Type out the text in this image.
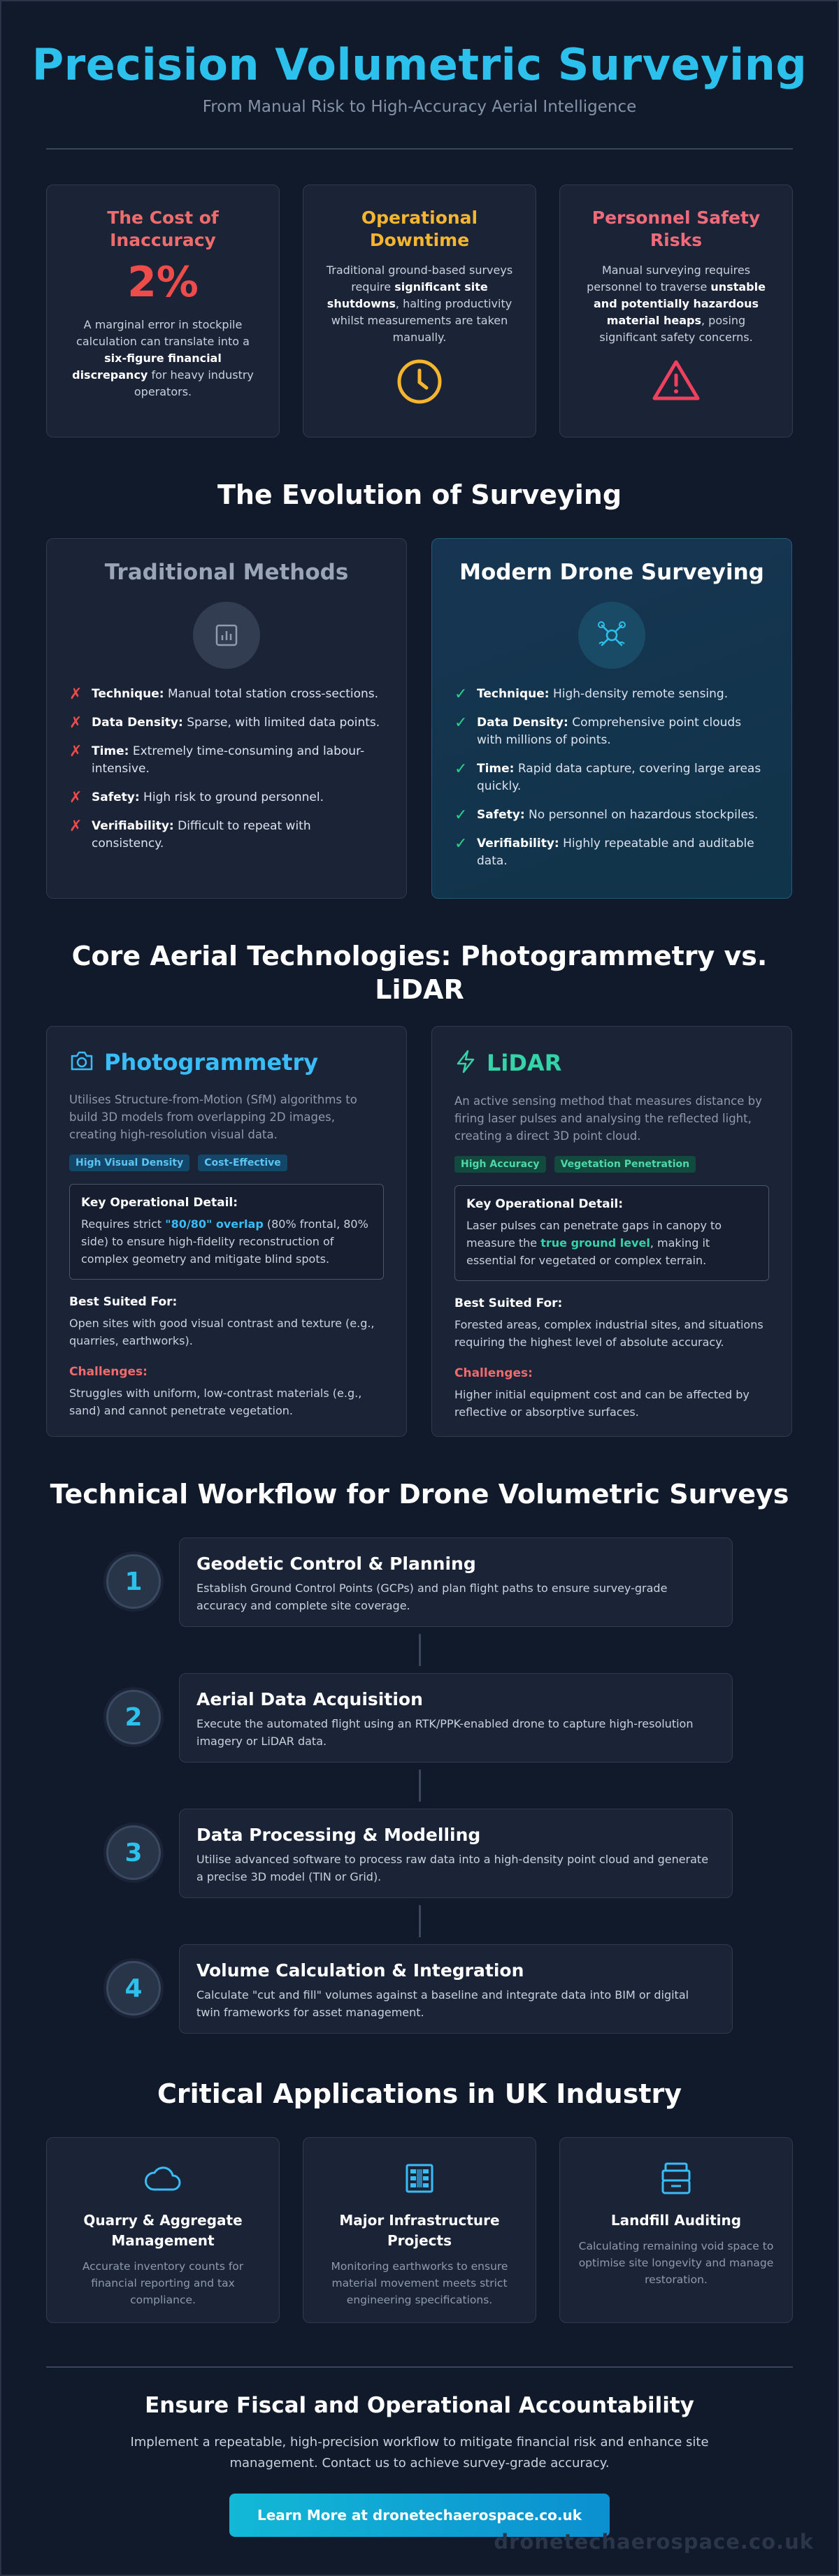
Precision Volumetric Surveying
From Manual Risk to High-Accuracy Aerial Intelligence
The Cost of Inaccuracy
2%

A marginal error in stockpile calculation can translate into a six-figure financial discrepancy for heavy industry operators.

Operational Downtime

Traditional ground-based surveys require significant site shutdowns, halting productivity whilst measurements are taken manually.

Personnel Safety Risks

Manual surveying requires personnel to traverse unstable and potentially hazardous material heaps, posing significant safety concerns.

The Evolution of Surveying
Traditional Methods
✗ Technique: Manual total station cross-sections.
✗ Data Density: Sparse, with limited data points.
✗ Time: Extremely time-consuming and labour-intensive.
✗ Safety: High risk to ground personnel.
✗ Verifiability: Difficult to repeat with consistency.
Modern Drone Surveying
✓ Technique: High-density remote sensing.
✓ Data Density: Comprehensive point clouds with millions of points.
✓ Time: Rapid data capture, covering large areas quickly.
✓ Safety: No personnel on hazardous stockpiles.
✓ Verifiability: Highly repeatable and auditable data.
Core Aerial Technologies: Photogrammetry vs. LiDAR
Photogrammetry
Utilises Structure-from-Motion (SfM) algorithms to build 3D models from overlapping 2D images, creating high-resolution visual data.
High Visual Density	Cost-Effective
Key Operational Detail:
Requires strict "80/80" overlap (80% frontal, 80% side) to ensure high-fidelity reconstruction of complex geometry and mitigate blind spots.
Best Suited For:
Open sites with good visual contrast and texture (e.g., quarries, earthworks).
Challenges:
Struggles with uniform, low-contrast materials (e.g., sand) and cannot penetrate vegetation.
LiDAR
An active sensing method that measures distance by firing laser pulses and analysing the reflected light, creating a direct 3D point cloud.
High Accuracy	Vegetation Penetration
Key Operational Detail:
Laser pulses can penetrate gaps in canopy to measure the true ground level, making it essential for vegetated or complex terrain.
Best Suited For:
Forested areas, complex industrial sites, and situations requiring the highest level of absolute accuracy.
Challenges:
Higher initial equipment cost and can be affected by reflective or absorptive surfaces.
Technical Workflow for Drone Volumetric Surveys
1
Geodetic Control & Planning
Establish Ground Control Points (GCPs) and plan flight paths to ensure survey-grade accuracy and complete site coverage.
2
Aerial Data Acquisition
Execute the automated flight using an RTK/PPK-enabled drone to capture high-resolution imagery or LiDAR data.
3
Data Processing & Modelling
Utilise advanced software to process raw data into a high-density point cloud and generate a precise 3D model (TIN or Grid).
4
Volume Calculation & Integration
Calculate "cut and fill" volumes against a baseline and integrate data into BIM or digital twin frameworks for asset management.
Critical Applications in UK Industry
Quarry & Aggregate Management

Accurate inventory counts for financial reporting and tax compliance.

Major Infrastructure Projects

Monitoring earthworks to ensure material movement meets strict engineering specifications.

Landfill Auditing

Calculating remaining void space to optimise site longevity and manage restoration.

Ensure Fiscal and Operational Accountability
Implement a repeatable, high-precision workflow to mitigate financial risk and enhance site management. Contact us to achieve survey-grade accuracy.
Learn More at dronetechaerospace.co.uk
dronetechaerospace.co.uk
